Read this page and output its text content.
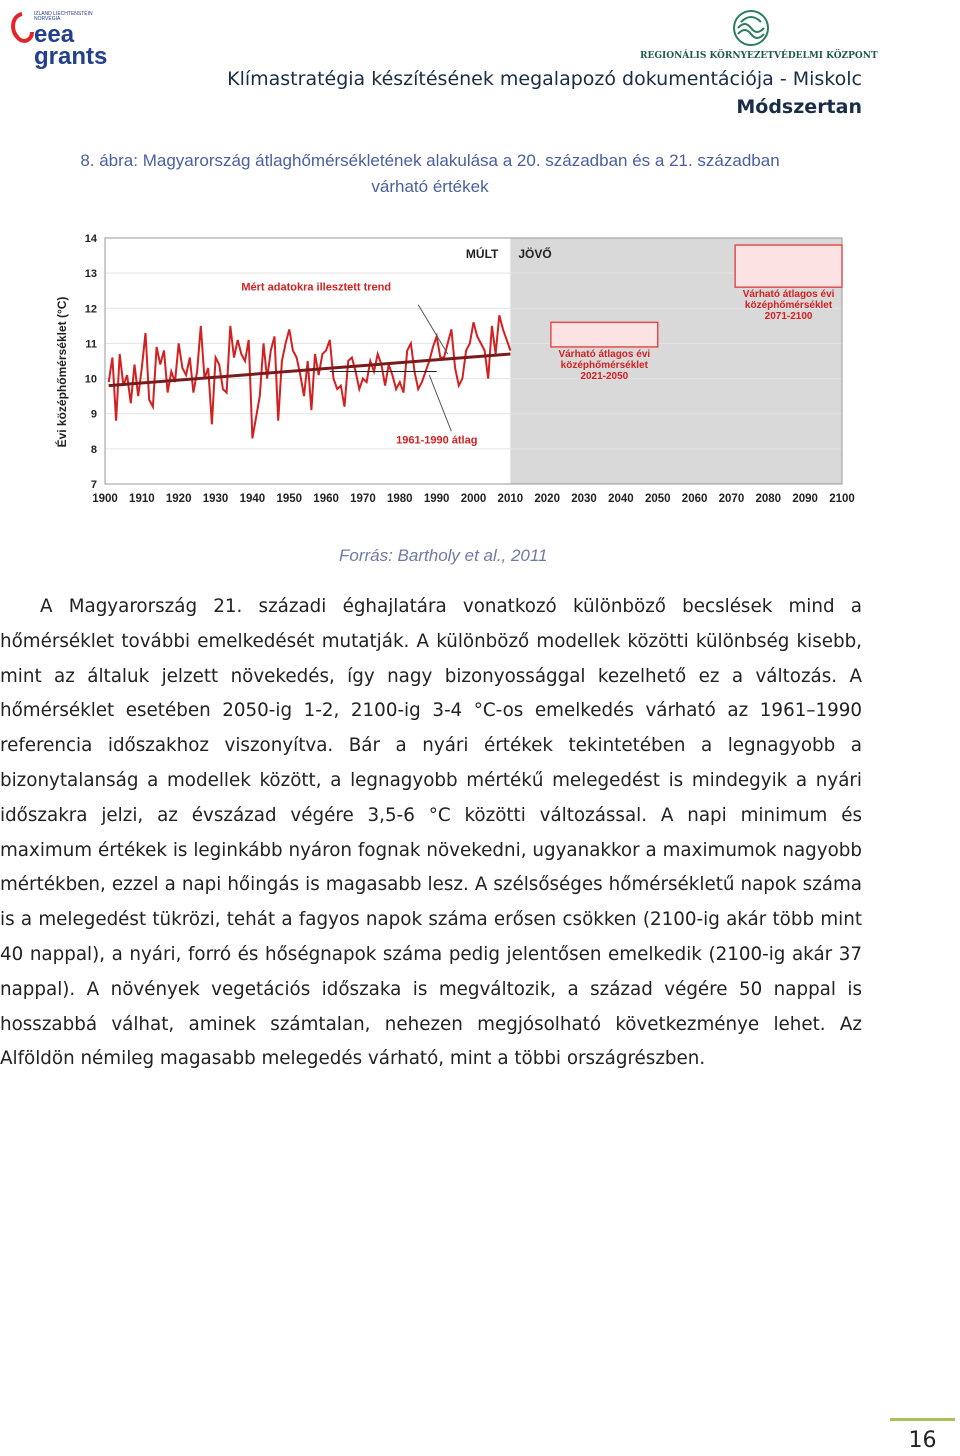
IZLAND LIECHTENSTEIN NORVÉGIA
eea grants	REGIONÁLIS KÖRNYEZETVÉDELMI KÖZPONT
Klímastratégia készítésének megalapozó dokumentációja - Miskolc
Módszertan
8. ábra: Magyarország átlaghőmérsékletének alakulása a 20. században és a 21. században
várható értékek
7
8
9
10
11
12
13
14
1900 1910 1920 1930 1940 1950 1960 1970 1980 1990 2000 2010 2020 2030 2040 2050 2060 2070 2080 2090 2100
Évi középhőmérséklet (°C)
MÚLT JÖVŐ
Mért adatokra illesztett trend
1961-1990 átlag
Várható átlagos évi
középhőmérséklet
2021-2050
Várható átlagos évi
középhőmérséklet
2071-2100
Forrás: Bartholy et al., 2011

A Magyarország 21. századi éghajlatára vonatkozó különböző becslések mind a hőmérséklet további emelkedését mutatják. A különböző modellek közötti különbség kisebb, mint az általuk jelzett növekedés, így nagy bizonyossággal kezelhető ez a változás. A hőmérséklet esetében 2050-ig 1-2, 2100-ig 3-4 °C-os emelkedés várható az 1961–1990 referencia időszakhoz viszonyítva. Bár a nyári értékek tekintetében a legnagyobb a bizonytalanság a modellek között, a legnagyobb mértékű melegedést is mindegyik a nyári időszakra jelzi, az évszázad végére 3,5-6 °C közötti változással. A napi minimum és maximum értékek is leginkább nyáron fognak növekedni, ugyanakkor a maximumok nagyobb mértékben, ezzel a napi hőingás is magasabb lesz. A szélsőséges hőmérsékletű napok száma is a melegedést tükrözi, tehát a fagyos napok száma erősen csökken (2100-ig akár több mint 40 nappal), a nyári, forró és hőségnapok száma pedig jelentősen emelkedik (2100-ig akár 37 nappal). A növények vegetációs időszaka is megváltozik, a század végére 50 nappal is hosszabbá válhat, aminek számtalan, nehezen megjósolható következménye lehet. Az Alföldön némileg magasabb melegedés várható, mint a többi országrészben.

16
